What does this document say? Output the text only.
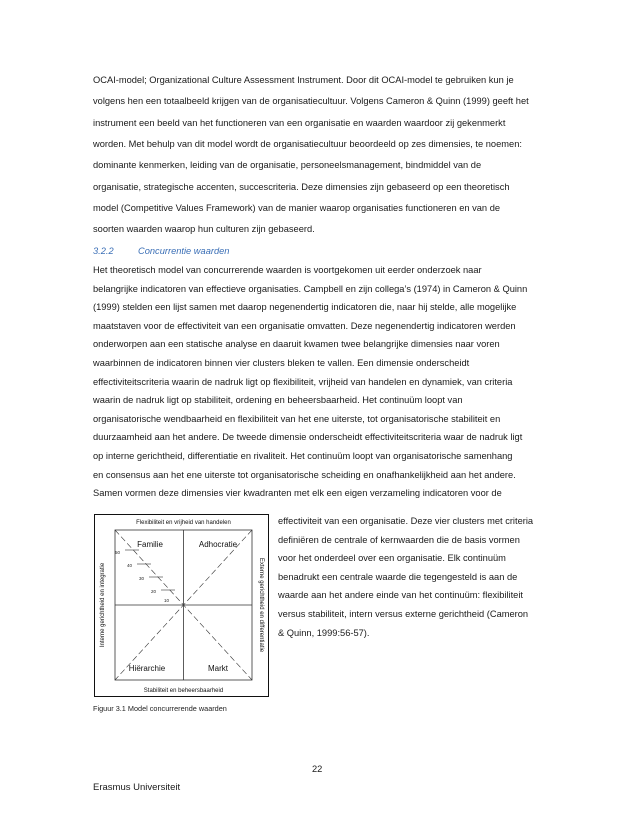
OCAI-model; Organizational Culture Assessment Instrument. Door dit OCAI-model te gebruiken kun je
volgens hen een totaalbeeld krijgen van de organisatiecultuur. Volgens Cameron & Quinn (1999) geeft het
instrument een beeld van het functioneren van een organisatie en waarden waardoor zij gekenmerkt
worden. Met behulp van dit model wordt de organisatiecultuur beoordeeld op zes dimensies, te noemen:
dominante kenmerken, leiding van de organisatie, personeelsmanagement, bindmiddel van de
organisatie, strategische accenten, succescriteria. Deze dimensies zijn gebaseerd op een theoretisch
model (Competitive Values Framework) van de manier waarop organisaties functioneren en van de
soorten waarden waarop hun culturen zijn gebaseerd.
3.2.2	Concurrentie waarden
Het theoretisch model van concurrerende waarden is voortgekomen uit eerder onderzoek naar
belangrijke indicatoren van effectieve organisaties. Campbell en zijn collega’s (1974) in Cameron & Quinn
(1999) stelden een lijst samen met daarop negenendertig indicatoren die, naar hij stelde, alle mogelijke
maatstaven voor de effectiviteit van een organisatie omvatten. Deze negenendertig indicatoren werden
onderworpen aan een statische analyse en daaruit kwamen twee belangrijke dimensies naar voren
waarbinnen de indicatoren binnen vier clusters bleken te vallen. Een dimensie onderscheidt
effectiviteitscriteria waarin de nadruk ligt op flexibiliteit, vrijheid van handelen en dynamiek, van criteria
waarin de nadruk ligt op stabiliteit, ordening en beheersbaarheid. Het continuüm loopt van
organisatorische wendbaarheid en flexibiliteit van het ene uiterste, tot organisatorische stabiliteit en
duurzaamheid aan het andere. De tweede dimensie onderscheidt effectiviteitscriteria waar de nadruk ligt
op interne gerichtheid, differentiatie en rivaliteit. Het continuüm loopt van organisatorische samenhang
en consensus aan het ene uiterste tot organisatorische scheiding en onafhankelijkheid aan het andere.
Samen vormen deze dimensies vier kwadranten met elk een eigen verzameling indicatoren voor de
50
40
30
20
10
Flexibiliteit en vrijheid van handelen
Stabiliteit en beheersbaarheid
Interne gerichtheid en integratie	Externe gerichtheid en differentiatie
Familie	Adhocratie
Hiërarchie	Markt
effectiviteit van een organisatie. Deze vier clusters met criteria
definiëren de centrale of kernwaarden die de basis vormen
voor het onderdeel over een organisatie. Elk continuüm
benadrukt een centrale waarde die tegengesteld is aan de
waarde aan het andere einde van het continuüm: flexibiliteit
versus stabiliteit, intern versus externe gerichtheid (Cameron
& Quinn, 1999:56-57).
Figuur 3.1 Model concurrerende waarden
22
Erasmus Universiteit
